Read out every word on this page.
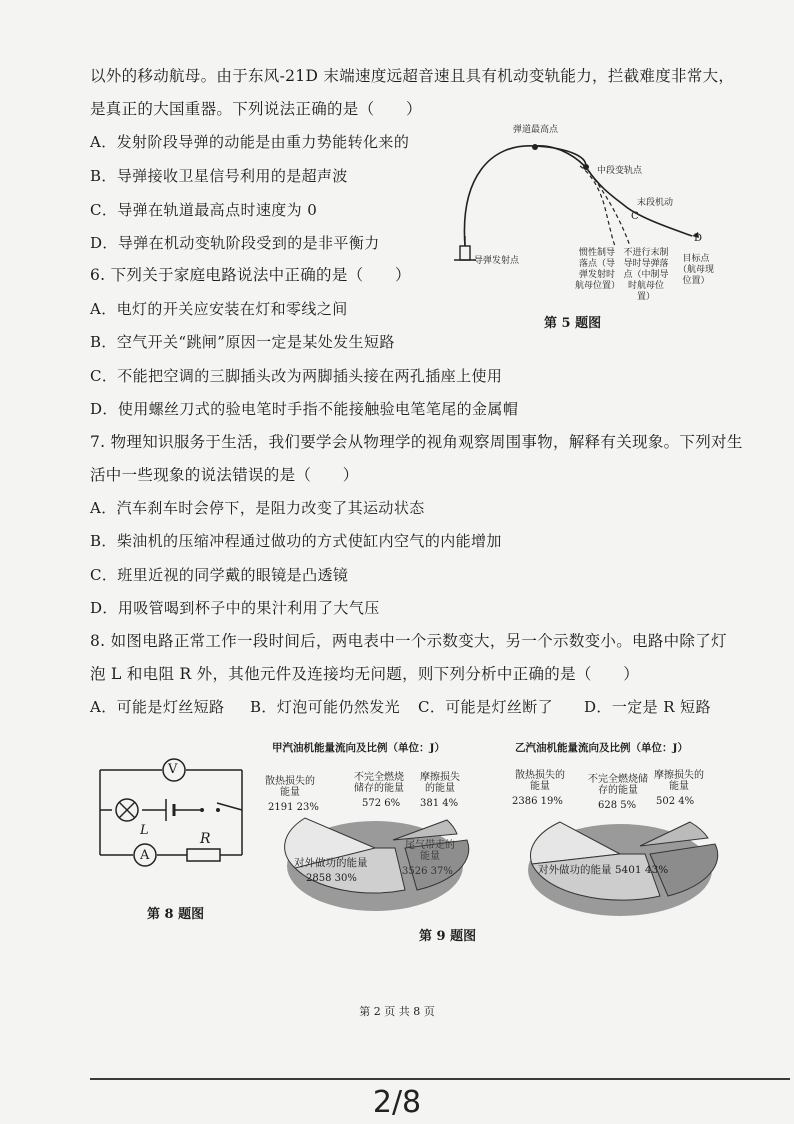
以外的移动航母。由于东风-21D 末端速度远超音速且具有机动变轨能力，拦截难度非常大，
是真正的大国重器。下列说法正确的是（　　）
A．发射阶段导弹的动能是由重力势能转化来的
B．导弹接收卫星信号利用的是超声波
C．导弹在轨道最高点时速度为 0
D．导弹在机动变轨阶段受到的是非平衡力
弹道最高点
中段变轨点
末段机动
C
D
导弹发射点
惯性制导落点（导弹发射时航母位置）
不进行末制导时导弹落点（中制导时航母位置）
目标点（航母现位置）
第 5 题图
6. 下列关于家庭电路说法中正确的是（　　）
A．电灯的开关应安装在灯和零线之间
B．空气开关“跳闸”原因一定是某处发生短路
C．不能把空调的三脚插头改为两脚插头接在两孔插座上使用
D．使用螺丝刀式的验电笔时手指不能接触验电笔笔尾的金属帽
7. 物理知识服务于生活，我们要学会从物理学的视角观察周围事物，解释有关现象。下列对生
活中一些现象的说法错误的是（　　）
A．汽车刹车时会停下，是阻力改变了其运动状态
B．柴油机的压缩冲程通过做功的方式使缸内空气的内能增加
C．班里近视的同学戴的眼镜是凸透镜
D．用吸管喝到杯子中的果汁利用了大气压
8. 如图电路正常工作一段时间后，两电表中一个示数变大，另一个示数变小。电路中除了灯
泡 L 和电阻 R 外，其他元件及连接均无问题，则下列分析中正确的是（　　）
A．可能是灯丝短路 B．灯泡可能仍然发光 C．可能是灯丝断了 D．一定是 R 短路
V
L
A
R
第 8 题图
甲汽油机能量流向及比例（单位：J）	乙汽油机能量流向及比例（单位：J）
散热损失的能量
2191 23%
不完全燃烧储存的能量
572 6%
摩擦损失的能量
381 4%
尾气带走的能量
3526 37%
对外做功的能量
2858 30%
散热损失的能量
2386 19%
不完全燃烧储存的能量
628 5%
摩擦损失的能量
502 4%
对外做功的能量 5401 43%
第 9 题图
第 2 页 共 8 页
2/8
